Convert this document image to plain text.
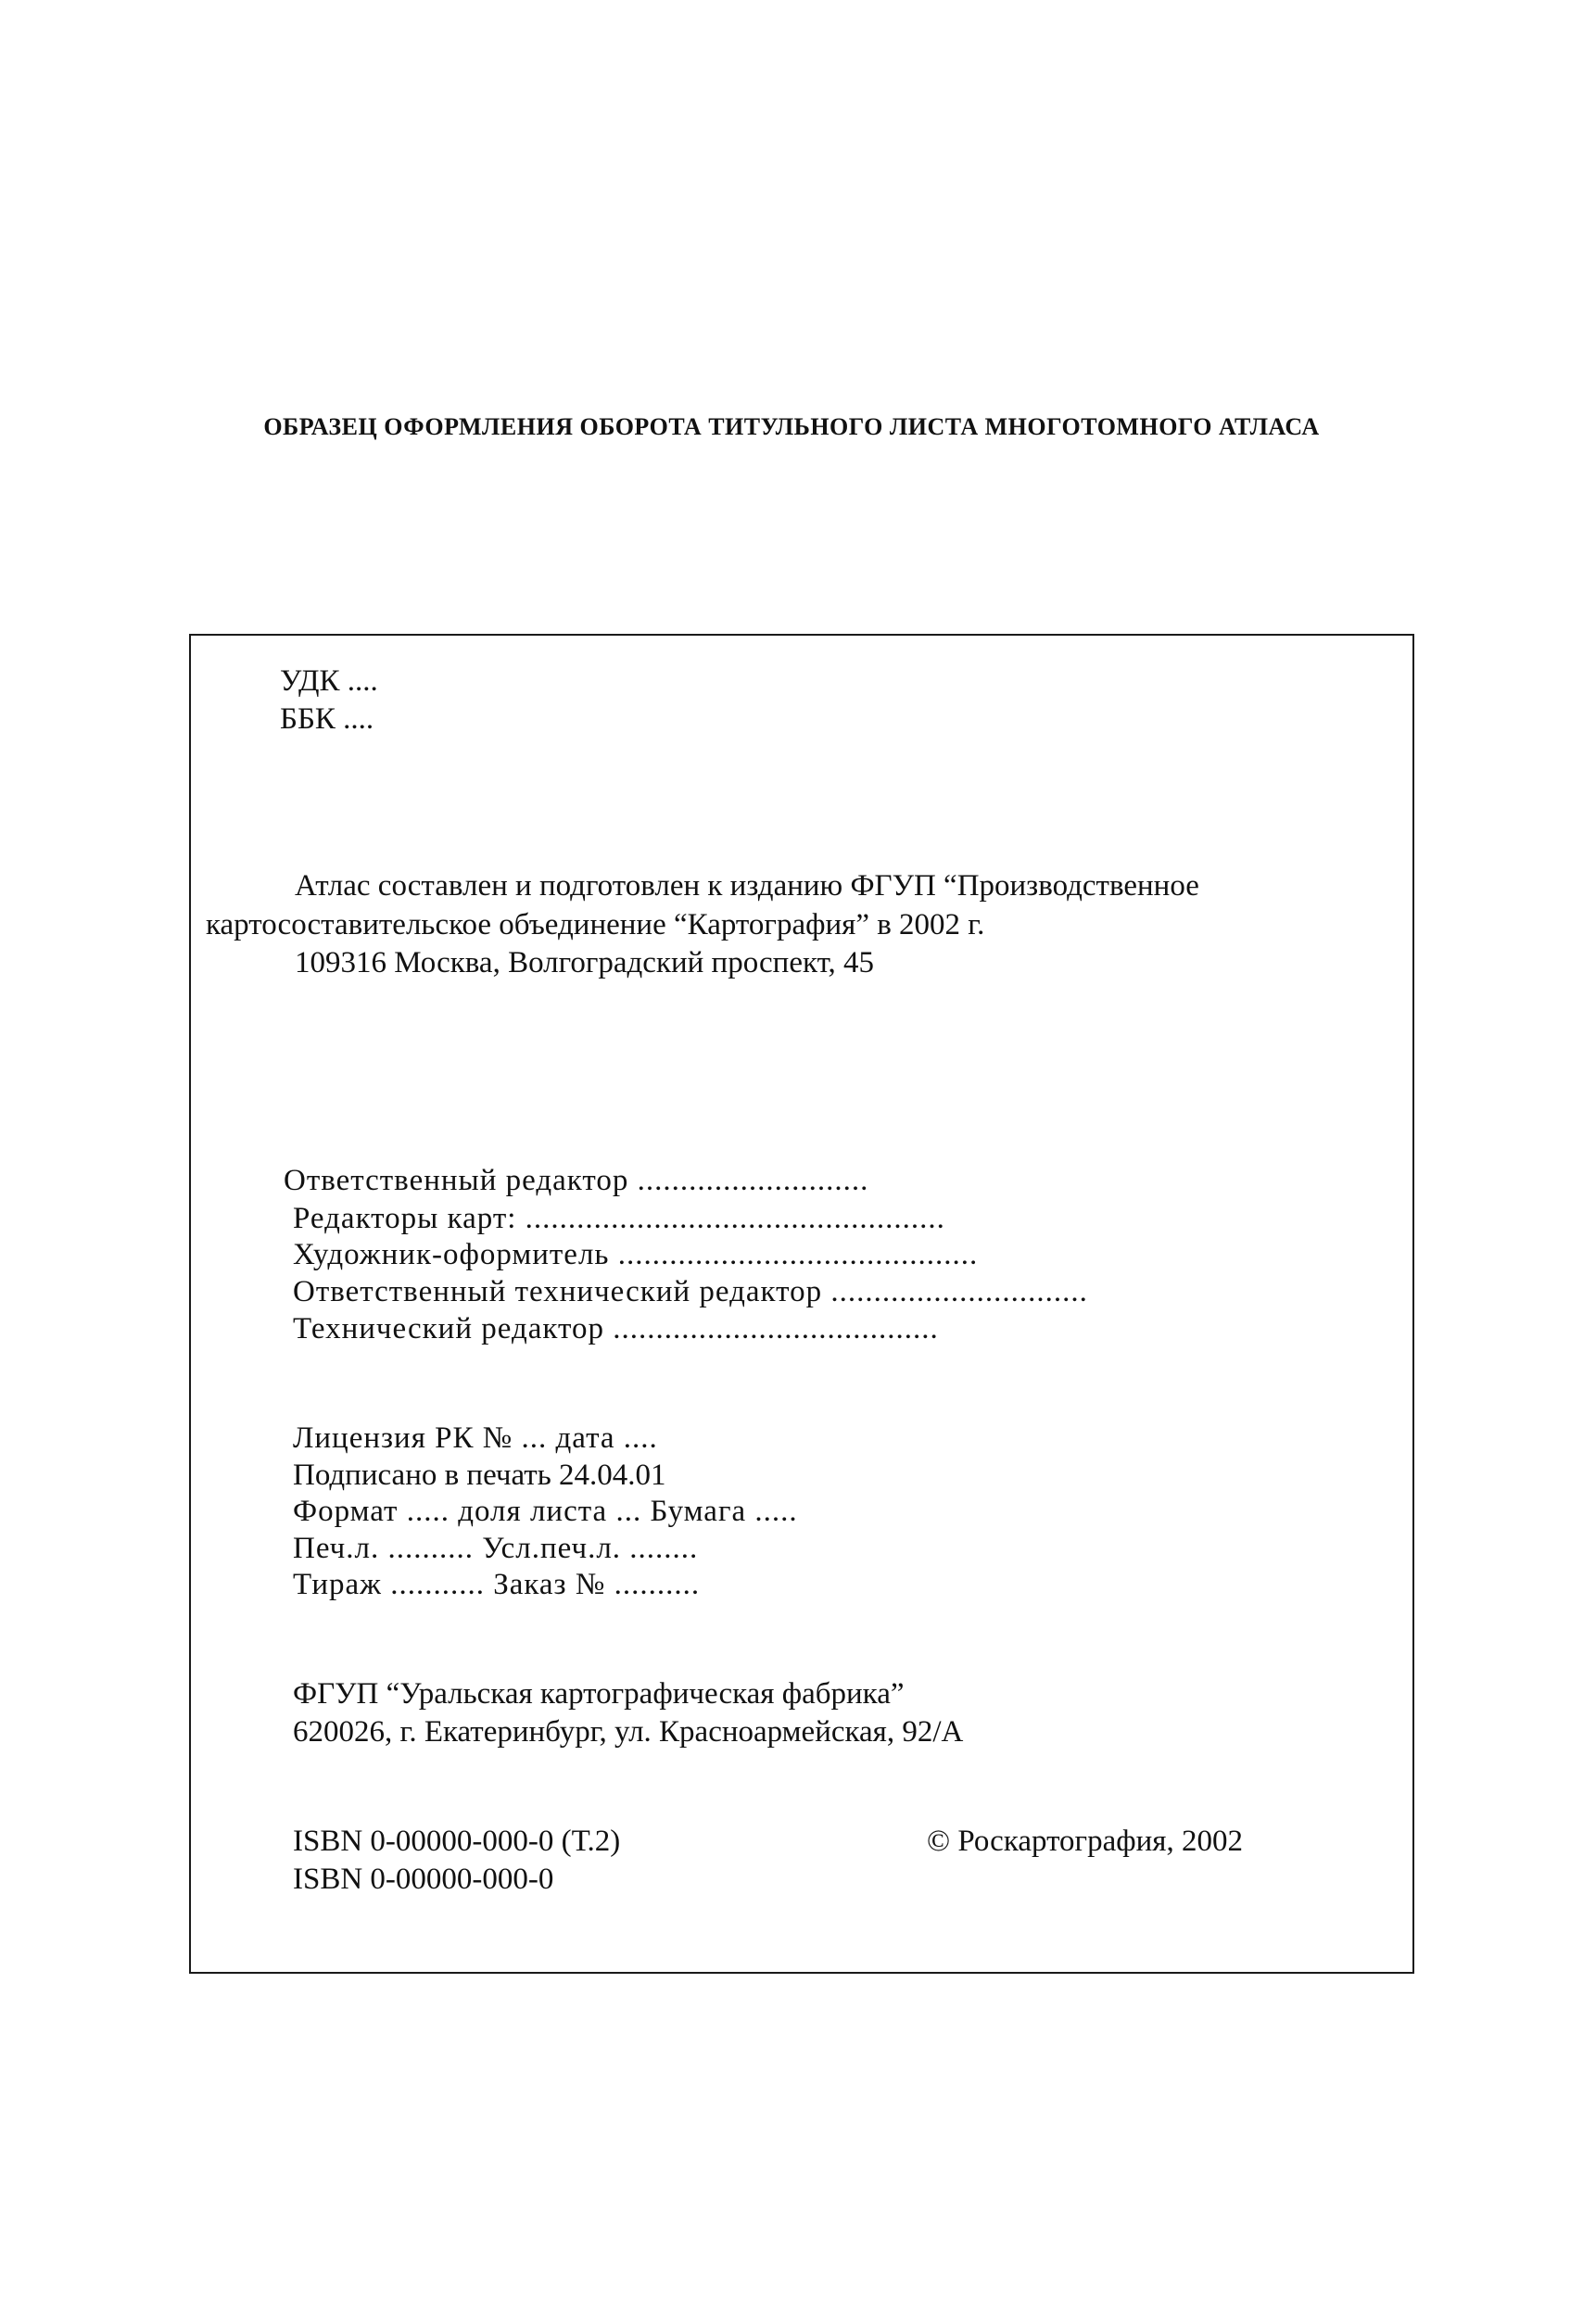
ОБРАЗЕЦ ОФОРМЛЕНИЯ ОБОРОТА ТИТУЛЬНОГО ЛИСТА МНОГОТОМНОГО АТЛАСА
УДК ....
ББК ....
Атлас составлен и подготовлен к изданию ФГУП “Производственное
картосоставительское объединение “Картография” в 2002 г.
109316 Москва, Волгоградский проспект, 45
Ответственный редактор ...........................
Редакторы карт: .................................................
Художник-оформитель ..........................................
Ответственный технический редактор ..............................
Технический редактор ......................................
Лицензия РК № ... дата ....
Подписано в печать 24.04.01
Формат ..... доля листа ... Бумага .....
Печ.л. .......... Усл.печ.л. ........
Тираж ........... Заказ № ..........
ФГУП “Уральская картографическая фабрика”
620026, г. Екатеринбург, ул. Красноармейская, 92/А
ISBN 0-00000-000-0 (Т.2)
ISBN 0-00000-000-0
© Роскартография, 2002
